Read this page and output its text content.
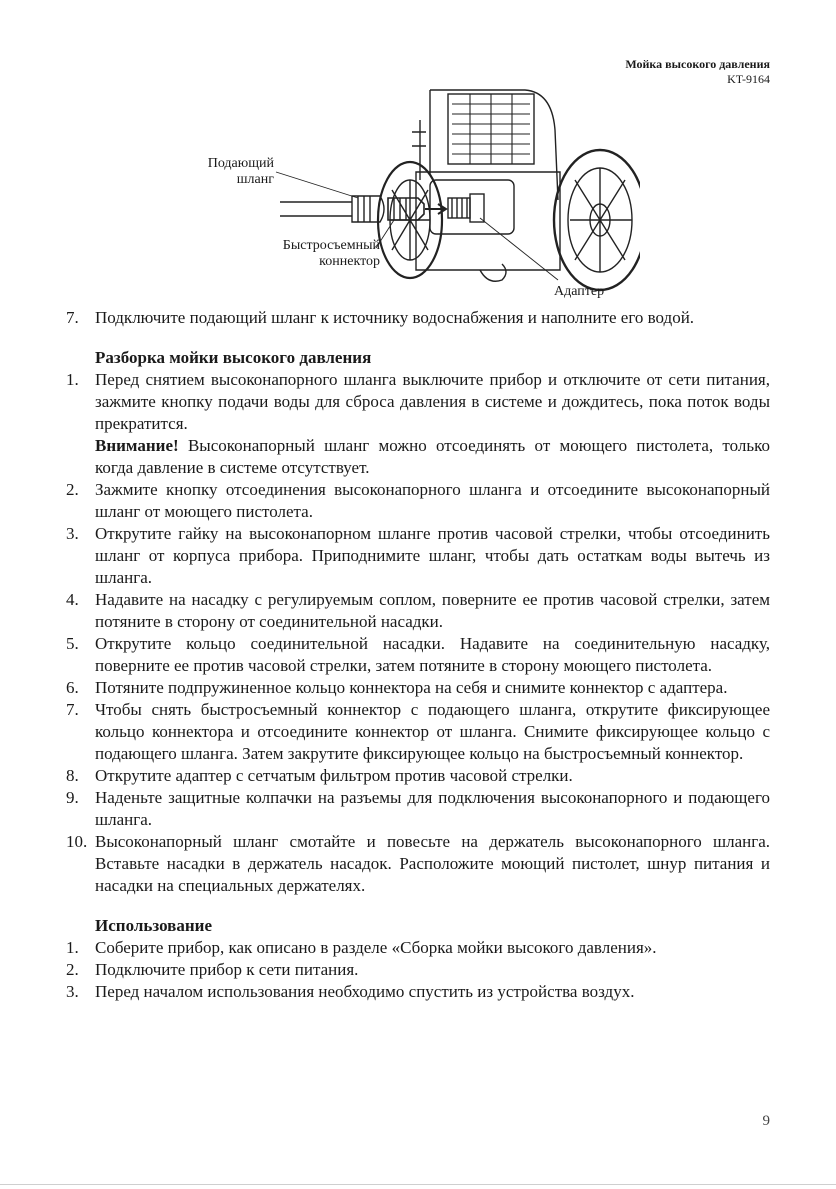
Мойка высокого давления
KT-9164
Подающий шланг
Быстросъемный коннектор
Адаптер
7. Подключите подающий шланг к источнику водоснабжения и наполните его водой.
Разборка мойки высокого давления
1. Перед снятием высоконапорного шланга выключите прибор и отключите от сети питания, зажмите кнопку подачи воды для сброса давления в системе и дождитесь, пока поток воды прекратится.
Внимание! Высоконапорный шланг можно отсоединять от моющего пистолета, только когда давление в системе отсутствует.
2. Зажмите кнопку отсоединения высоконапорного шланга и отсоедините высоконапорный шланг от моющего пистолета.
3. Открутите гайку на высоконапорном шланге против часовой стрелки, чтобы отсоединить шланг от корпуса прибора. Приподнимите шланг, чтобы дать остаткам воды вытечь из шланга.
4. Надавите на насадку с регулируемым соплом, поверните ее против часовой стрелки, затем потяните в сторону от соединительной насадки.
5. Открутите кольцо соединительной насадки. Надавите на соединительную насадку, поверните ее против часовой стрелки, затем потяните в сторону моющего пистолета.
6. Потяните подпружиненное кольцо коннектора на себя и снимите коннектор с адаптера.
7. Чтобы снять быстросъемный коннектор с подающего шланга, открутите фиксирующее кольцо коннектора и отсоедините коннектор от шланга. Снимите фиксирующее кольцо с подающего шланга. Затем закрутите фиксирующее кольцо на быстросъемный коннектор.
8. Открутите адаптер с сетчатым фильтром против часовой стрелки.
9. Наденьте защитные колпачки на разъемы для подключения высоконапорного и подающего шланга.
10. Высоконапорный шланг смотайте и повесьте на держатель высоконапорного шланга. Вставьте насадки в держатель насадок. Расположите моющий пистолет, шнур питания и насадки на специальных держателях.
Использование
1. Соберите прибор, как описано в разделе «Сборка мойки высокого давления».
2. Подключите прибор к сети питания.
3. Перед началом использования необходимо спустить из устройства воздух.
9
